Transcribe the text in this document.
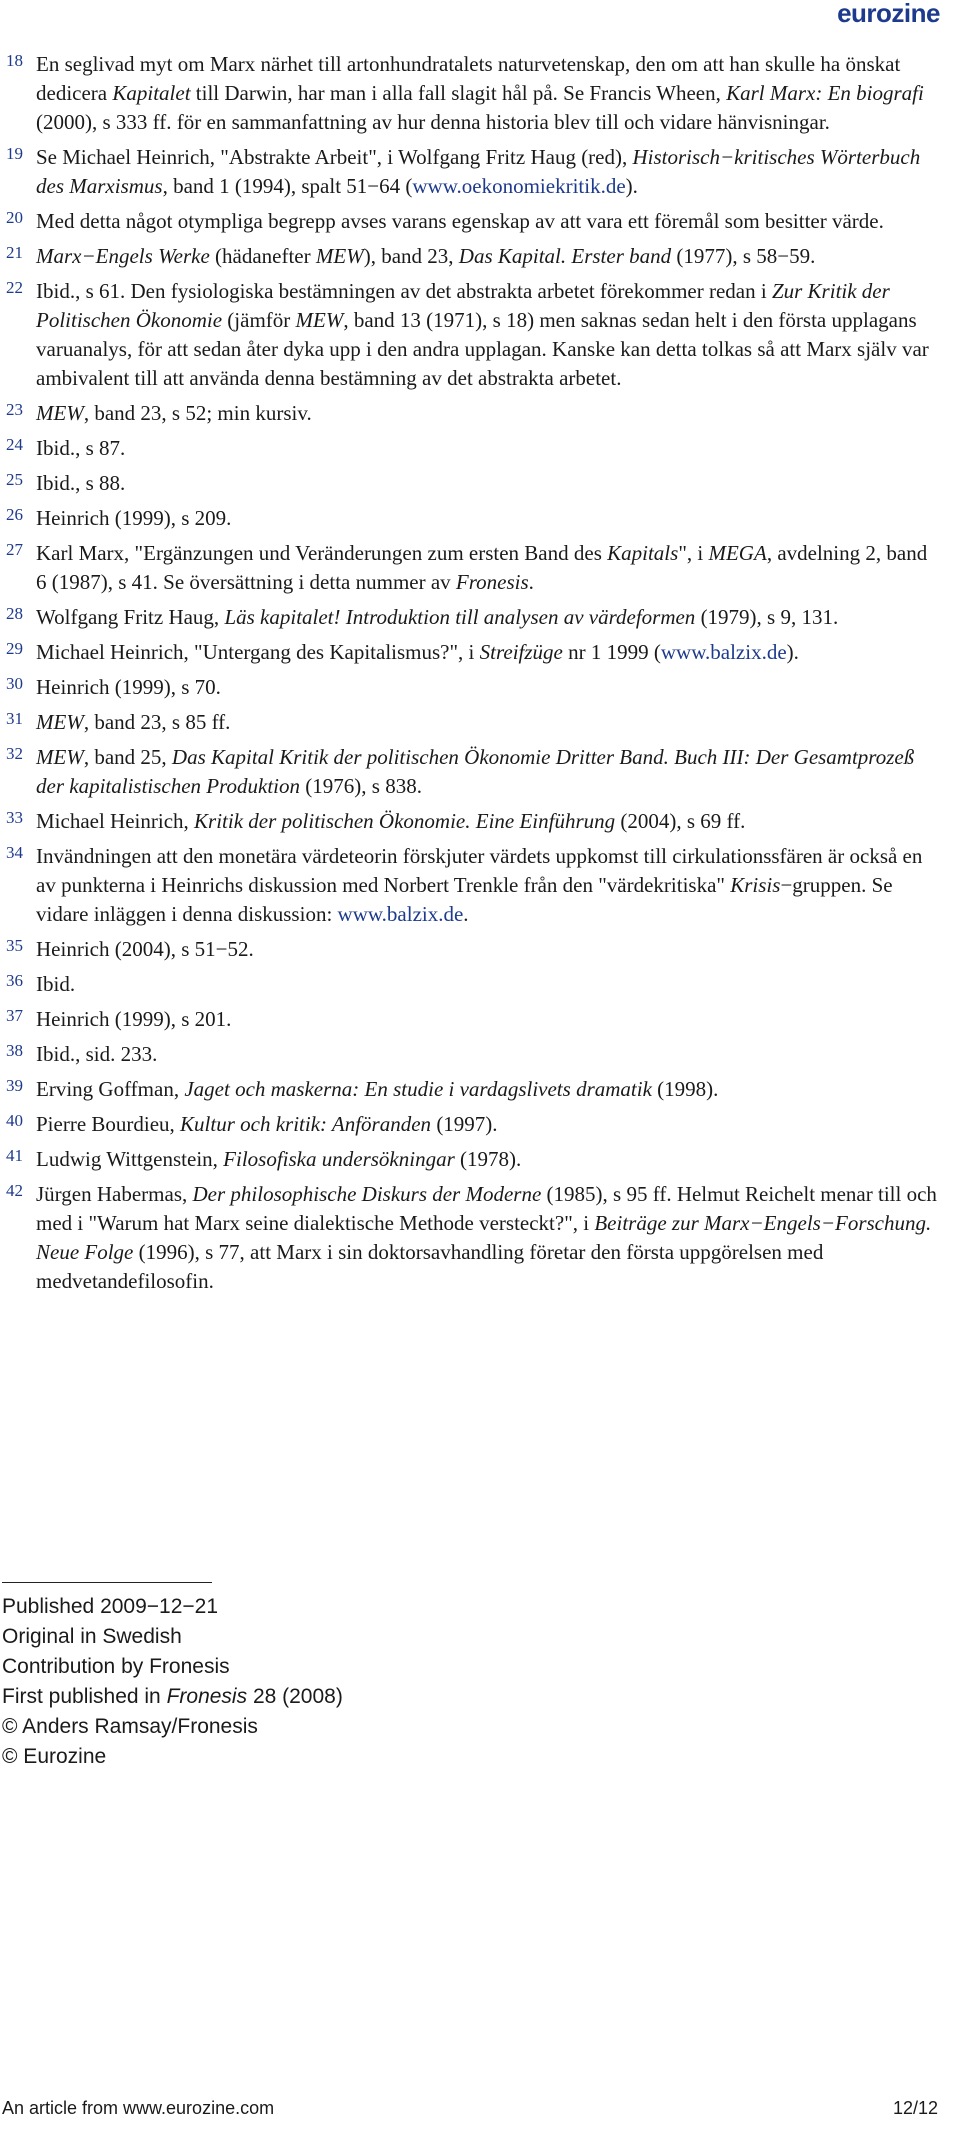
eurozine
18 En seglivad myt om Marx närhet till artonhundratalets naturvetenskap, den om att han skulle ha önskat dedicera Kapitalet till Darwin, har man i alla fall slagit hål på. Se Francis Wheen, Karl Marx: En biografi (2000), s 333 ff. för en sammanfattning av hur denna historia blev till och vidare hänvisningar.
19 Se Michael Heinrich, "Abstrakte Arbeit", i Wolfgang Fritz Haug (red), Historisch−kritisches Wörterbuch des Marxismus, band 1 (1994), spalt 51−64 (www.oekonomiekritik.de).
20 Med detta något otympliga begrepp avses varans egenskap av att vara ett föremål som besitter värde.
21 Marx−Engels Werke (hädanefter MEW), band 23, Das Kapital. Erster band (1977), s 58−59.
22 Ibid., s 61. Den fysiologiska bestämningen av det abstrakta arbetet förekommer redan i Zur Kritik der Politischen Ökonomie (jämför MEW, band 13 (1971), s 18) men saknas sedan helt i den första upplagans varuanalys, för att sedan åter dyka upp i den andra upplagan. Kanske kan detta tolkas så att Marx själv var ambivalent till att använda denna bestämning av det abstrakta arbetet.
23 MEW, band 23, s 52; min kursiv.
24 Ibid., s 87.
25 Ibid., s 88.
26 Heinrich (1999), s 209.
27 Karl Marx, "Ergänzungen und Veränderungen zum ersten Band des Kapitals", i MEGA, avdelning 2, band 6 (1987), s 41. Se översättning i detta nummer av Fronesis.
28 Wolfgang Fritz Haug, Läs kapitalet! Introduktion till analysen av värdeformen (1979), s 9, 131.
29 Michael Heinrich, "Untergang des Kapitalismus?", i Streifzüge nr 1 1999 (www.balzix.de).
30 Heinrich (1999), s 70.
31 MEW, band 23, s 85 ff.
32 MEW, band 25, Das Kapital Kritik der politischen Ökonomie Dritter Band. Buch III: Der Gesamtprozeß der kapitalistischen Produktion (1976), s 838.
33 Michael Heinrich, Kritik der politischen Ökonomie. Eine Einführung (2004), s 69 ff.
34 Invändningen att den monetära värdeteorin förskjuter värdets uppkomst till cirkulationssfären är också en av punkterna i Heinrichs diskussion med Norbert Trenkle från den "värdekritiska" Krisis−gruppen. Se vidare inläggen i denna diskussion: www.balzix.de.
35 Heinrich (2004), s 51−52.
36 Ibid.
37 Heinrich (1999), s 201.
38 Ibid., sid. 233.
39 Erving Goffman, Jaget och maskerna: En studie i vardagslivets dramatik (1998).
40 Pierre Bourdieu, Kultur och kritik: Anföranden (1997).
41 Ludwig Wittgenstein, Filosofiska undersökningar (1978).
42 Jürgen Habermas, Der philosophische Diskurs der Moderne (1985), s 95 ff. Helmut Reichelt menar till och med i "Warum hat Marx seine dialektische Methode versteckt?", i Beiträge zur Marx−Engels−Forschung. Neue Folge (1996), s 77, att Marx i sin doktorsavhandling företar den första uppgörelsen med medvetandefilosofin.
Published 2009−12−21
Original in Swedish
Contribution by Fronesis
First published in Fronesis 28 (2008)
© Anders Ramsay/Fronesis
© Eurozine
An article from www.eurozine.com	12/12
